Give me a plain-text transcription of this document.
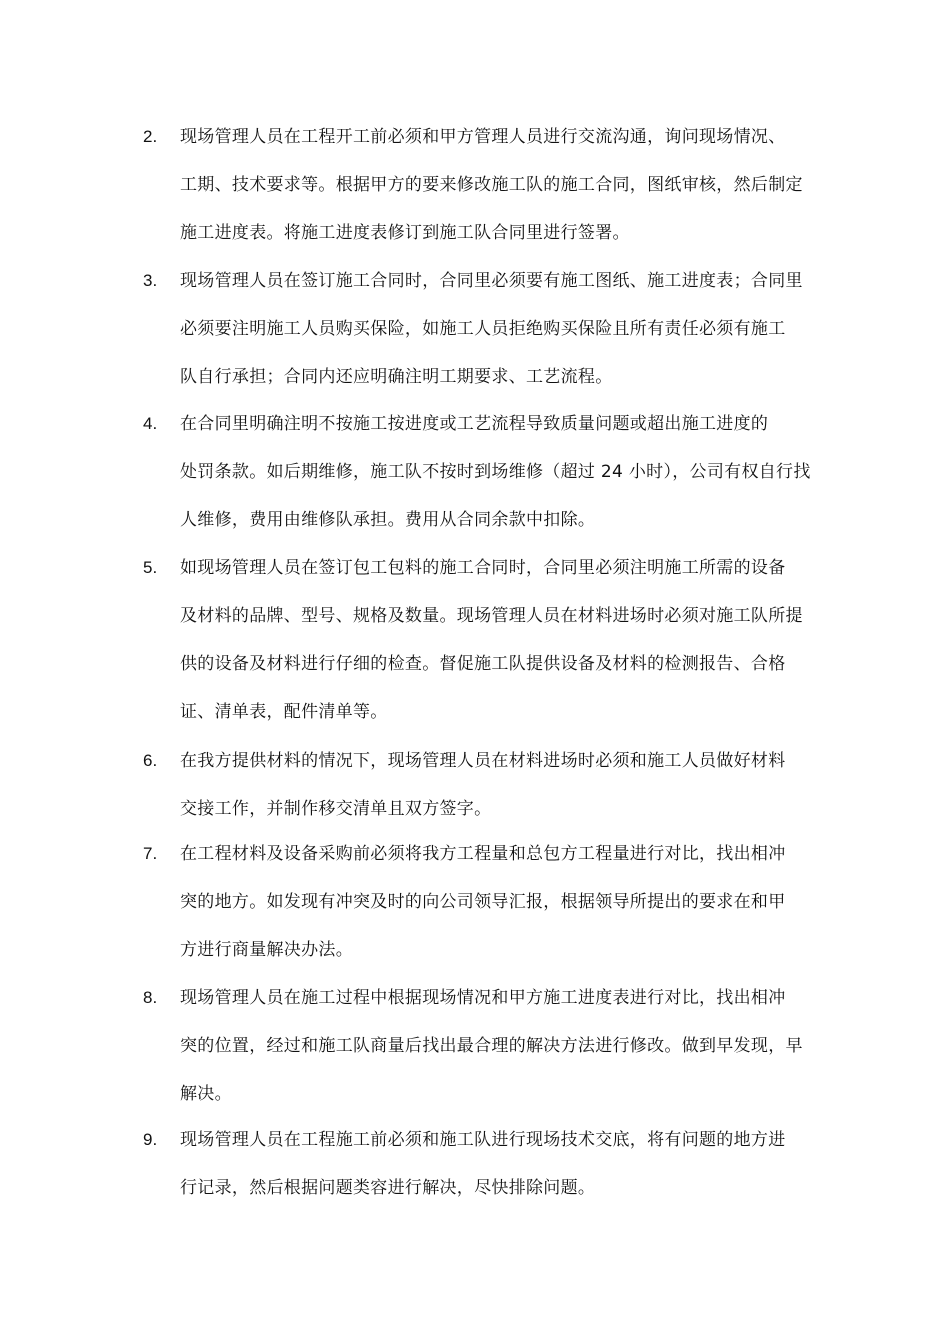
2. 现场管理人员在工程开工前必须和甲方管理人员进行交流沟通，询问现场情况、
工期、技术要求等。根据甲方的要来修改施工队的施工合同，图纸审核，然后制定
施工进度表。将施工进度表修订到施工队合同里进行签署。
3. 现场管理人员在签订施工合同时，合同里必须要有施工图纸、施工进度表；合同里
必须要注明施工人员购买保险，如施工人员拒绝购买保险且所有责任必须有施工
队自行承担；合同内还应明确注明工期要求、工艺流程。
4. 在合同里明确注明不按施工按进度或工艺流程导致质量问题或超出施工进度的
处罚条款。如后期维修，施工队不按时到场维修（超过 24 小时），公司有权自行找
人维修，费用由维修队承担。费用从合同余款中扣除。
5. 如现场管理人员在签订包工包料的施工合同时，合同里必须注明施工所需的设备
及材料的品牌、型号、规格及数量。现场管理人员在材料进场时必须对施工队所提
供的设备及材料进行仔细的检查。督促施工队提供设备及材料的检测报告、合格
证、清单表，配件清单等。
6. 在我方提供材料的情况下，现场管理人员在材料进场时必须和施工人员做好材料
交接工作，并制作移交清单且双方签字。
7. 在工程材料及设备采购前必须将我方工程量和总包方工程量进行对比，找出相冲
突的地方。如发现有冲突及时的向公司领导汇报，根据领导所提出的要求在和甲
方进行商量解决办法。
8. 现场管理人员在施工过程中根据现场情况和甲方施工进度表进行对比，找出相冲
突的位置，经过和施工队商量后找出最合理的解决方法进行修改。做到早发现，早
解决。
9. 现场管理人员在工程施工前必须和施工队进行现场技术交底，将有问题的地方进
行记录，然后根据问题类容进行解决，尽快排除问题。
